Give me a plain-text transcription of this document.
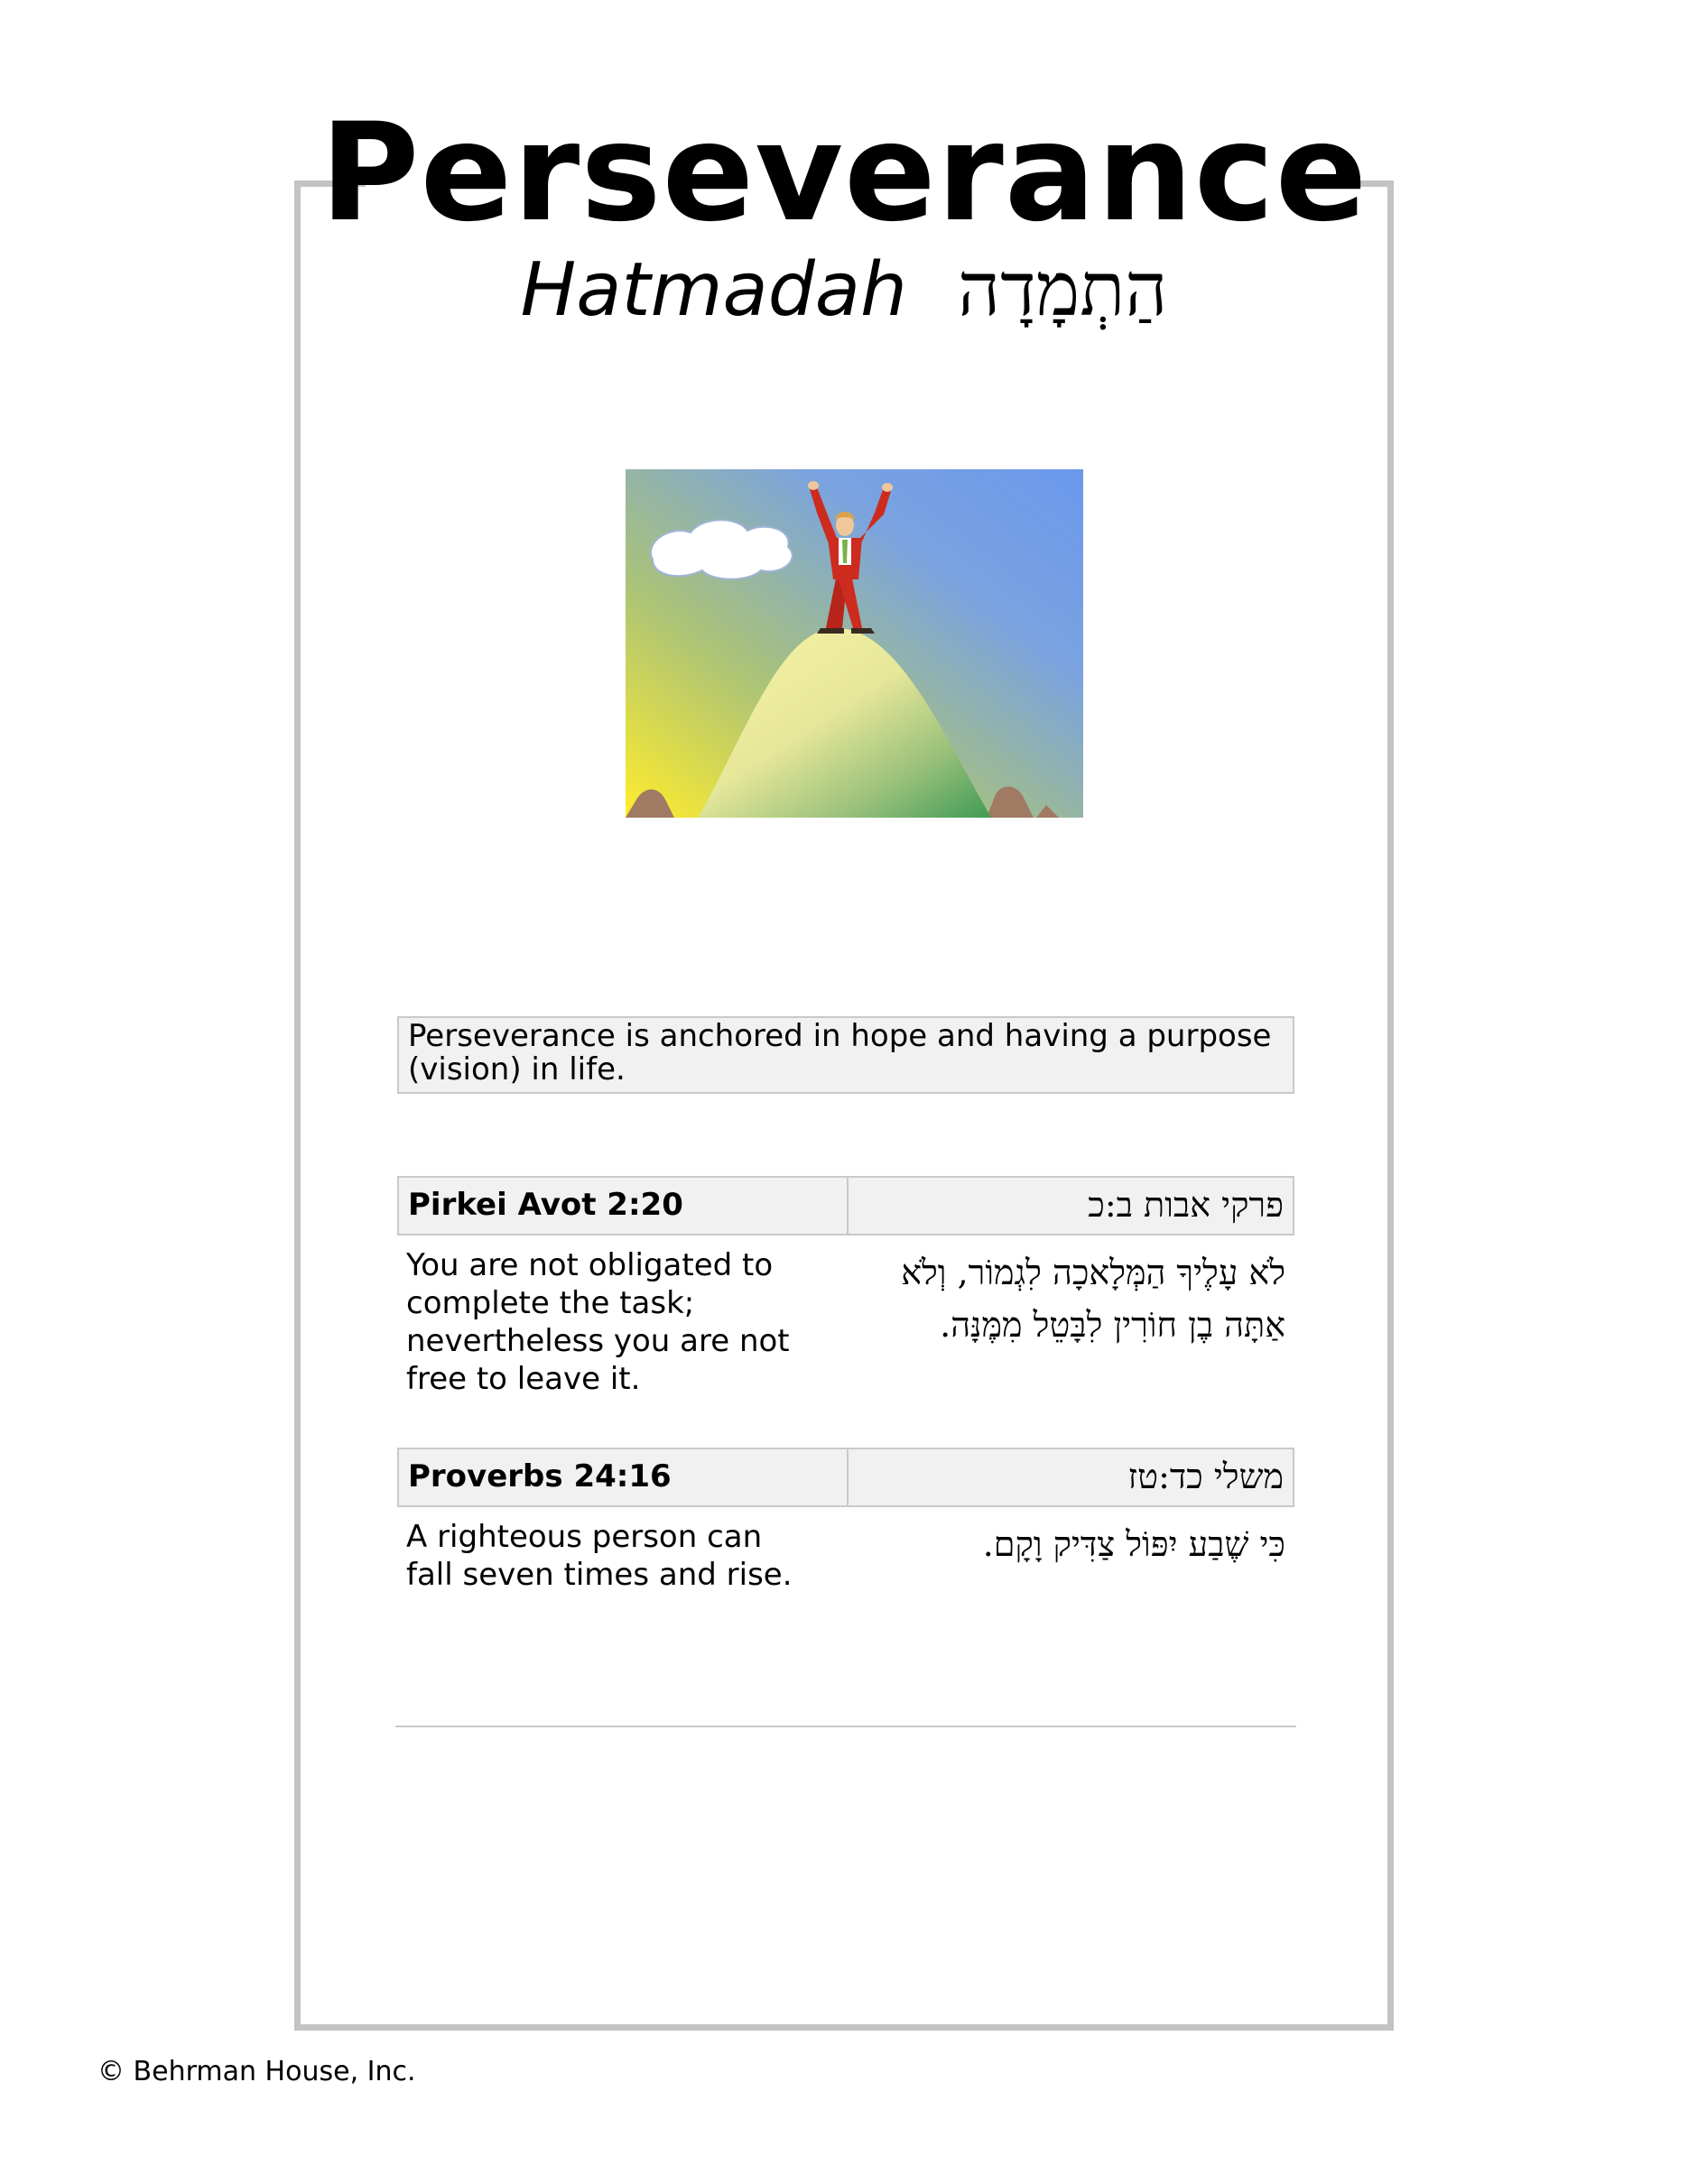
Perseverance
Hatmadah הַתְמָדָה
Perseverance is anchored in hope and having a purpose (vision) in life.
Pirkei Avot 2:20	פרקי אבות ב:כ
You are not obligated to complete the task; nevertheless you are not free to leave it.
לֹא עָלֶיךָ הַמְּלָאכָה לִגְמוֹר, וְלֹא אַתָּה בֶן חוֹרִין לִבָּטֵל מִמֶּנָּה.
Proverbs 24:16	משלי כד:טז
A righteous person can fall seven times and rise.
כִּי שֶׁבַע יִפּוֹל צַדִּיק וָקָם.
© Behrman House, Inc.
